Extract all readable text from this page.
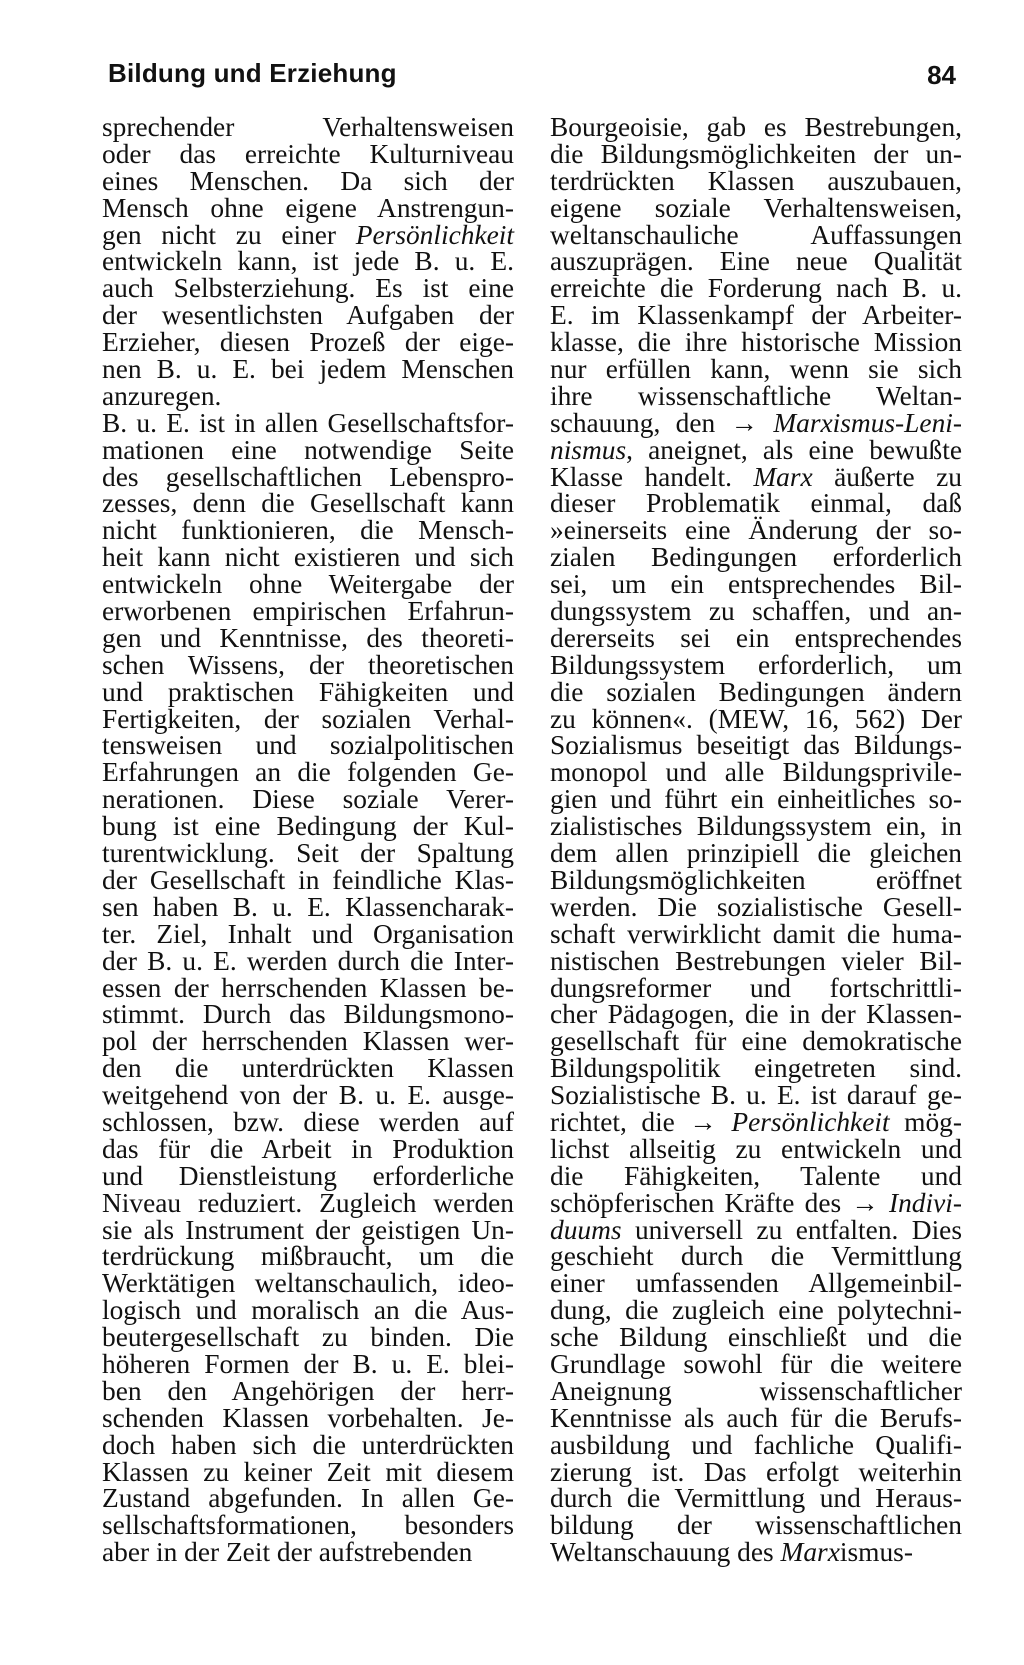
Bildung und Erziehung	84
sprechender Verhaltensweisen
oder das erreichte Kulturniveau
eines Menschen. Da sich der
Mensch ohne eigene Anstrengun-
gen nicht zu einer Persönlichkeit
entwickeln kann, ist jede B. u. E.
auch Selbsterziehung. Es ist eine
der wesentlichsten Aufgaben der
Erzieher, diesen Prozeß der eige-
nen B. u. E. bei jedem Menschen
anzuregen.
B. u. E. ist in allen Gesellschaftsfor-
mationen eine notwendige Seite
des gesellschaftlichen Lebenspro-
zesses, denn die Gesellschaft kann
nicht funktionieren, die Mensch-
heit kann nicht existieren und sich
entwickeln ohne Weitergabe der
erworbenen empirischen Erfahrun-
gen und Kenntnisse, des theoreti-
schen Wissens, der theoretischen
und praktischen Fähigkeiten und
Fertigkeiten, der sozialen Verhal-
tensweisen und sozialpolitischen
Erfahrungen an die folgenden Ge-
nerationen. Diese soziale Verer-
bung ist eine Bedingung der Kul-
turentwicklung. Seit der Spaltung
der Gesellschaft in feindliche Klas-
sen haben B. u. E. Klassencharak-
ter. Ziel, Inhalt und Organisation
der B. u. E. werden durch die Inter-
essen der herrschenden Klassen be-
stimmt. Durch das Bildungsmono-
pol der herrschenden Klassen wer-
den die unterdrückten Klassen
weitgehend von der B. u. E. ausge-
schlossen, bzw. diese werden auf
das für die Arbeit in Produktion
und Dienstleistung erforderliche
Niveau reduziert. Zugleich werden
sie als Instrument der geistigen Un-
terdrückung mißbraucht, um die
Werktätigen weltanschaulich, ideo-
logisch und moralisch an die Aus-
beutergesellschaft zu binden. Die
höheren Formen der B. u. E. blei-
ben den Angehörigen der herr-
schenden Klassen vorbehalten. Je-
doch haben sich die unterdrückten
Klassen zu keiner Zeit mit diesem
Zustand abgefunden. In allen Ge-
sellschaftsformationen, besonders
aber in der Zeit der aufstrebenden
Bourgeoisie, gab es Bestrebungen,
die Bildungsmöglichkeiten der un-
terdrückten Klassen auszubauen,
eigene soziale Verhaltensweisen,
weltanschauliche Auffassungen
auszuprägen. Eine neue Qualität
erreichte die Forderung nach B. u.
E. im Klassenkampf der Arbeiter-
klasse, die ihre historische Mission
nur erfüllen kann, wenn sie sich
ihre wissenschaftliche Weltan-
schauung, den → Marxismus-Leni-
nismus, aneignet, als eine bewußte
Klasse handelt. Marx äußerte zu
dieser Problematik einmal, daß
»einerseits eine Änderung der so-
zialen Bedingungen erforderlich
sei, um ein entsprechendes Bil-
dungssystem zu schaffen, und an-
dererseits sei ein entsprechendes
Bildungssystem erforderlich, um
die sozialen Bedingungen ändern
zu können«. (MEW, 16, 562) Der
Sozialismus beseitigt das Bildungs-
monopol und alle Bildungsprivile-
gien und führt ein einheitliches so-
zialistisches Bildungssystem ein, in
dem allen prinzipiell die gleichen
Bildungsmöglichkeiten eröffnet
werden. Die sozialistische Gesell-
schaft verwirklicht damit die huma-
nistischen Bestrebungen vieler Bil-
dungsreformer und fortschrittli-
cher Pädagogen, die in der Klassen-
gesellschaft für eine demokratische
Bildungspolitik eingetreten sind.
Sozialistische B. u. E. ist darauf ge-
richtet, die → Persönlichkeit mög-
lichst allseitig zu entwickeln und
die Fähigkeiten, Talente und
schöpferischen Kräfte des → Indivi-
duums universell zu entfalten. Dies
geschieht durch die Vermittlung
einer umfassenden Allgemeinbil-
dung, die zugleich eine polytechni-
sche Bildung einschließt und die
Grundlage sowohl für die weitere
Aneignung wissenschaftlicher
Kenntnisse als auch für die Berufs-
ausbildung und fachliche Qualifi-
zierung ist. Das erfolgt weiterhin
durch die Vermittlung und Heraus-
bildung der wissenschaftlichen
Weltanschauung des Marxismus-
